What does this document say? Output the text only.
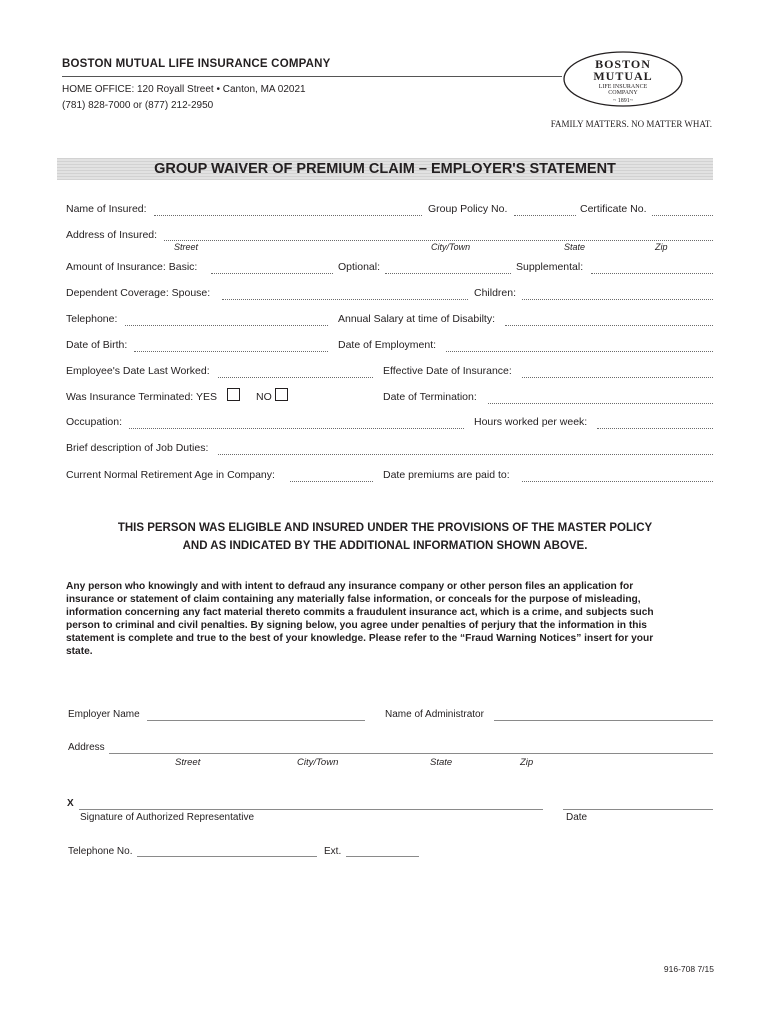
BOSTON MUTUAL LIFE INSURANCE COMPANY
HOME OFFICE: 120 Royall Street • Canton, MA 02021
(781) 828-7000 or (877) 212-2950
BOSTON
MUTUAL
LIFE INSURANCE
COMPANY
~ 1891~
FAMILY MATTERS. NO MATTER WHAT.
GROUP WAIVER OF PREMIUM CLAIM – EMPLOYER'S STATEMENT
Name of Insured:	Group Policy No.	Certificate No.
Address of Insured:
Street	City/Town	State	Zip
Amount of Insurance: Basic:	Optional:	Supplemental:
Dependent Coverage: Spouse:	Children:
Telephone:	Annual Salary at time of Disabilty:
Date of Birth:	Date of Employment:
Employee's Date Last Worked:	Effective Date of Insurance:
Was Insurance Terminated: YES	NO	Date of Termination:
Occupation:	Hours worked per week:
Brief description of Job Duties:
Current Normal Retirement Age in Company:	Date premiums are paid to:
THIS PERSON WAS ELIGIBLE AND INSURED UNDER THE PROVISIONS OF THE MASTER POLICY
AND AS INDICATED BY THE ADDITIONAL INFORMATION SHOWN ABOVE.
Any person who knowingly and with intent to defraud any insurance company or other person files an application for
insurance or statement of claim containing any materially false information, or conceals for the purpose of misleading,
information concerning any fact material thereto commits a fraudulent insurance act, which is a crime, and subjects such
person to criminal and civil penalties. By signing below, you agree under penalties of perjury that the information in this
statement is complete and true to the best of your knowledge. Please refer to the “Fraud Warning Notices” insert for your
state.
Employer Name	Name of Administrator
Address
Street	City/Town	State	Zip
X
Signature of Authorized Representative	Date
Telephone No.	Ext.
916-708 7/15
